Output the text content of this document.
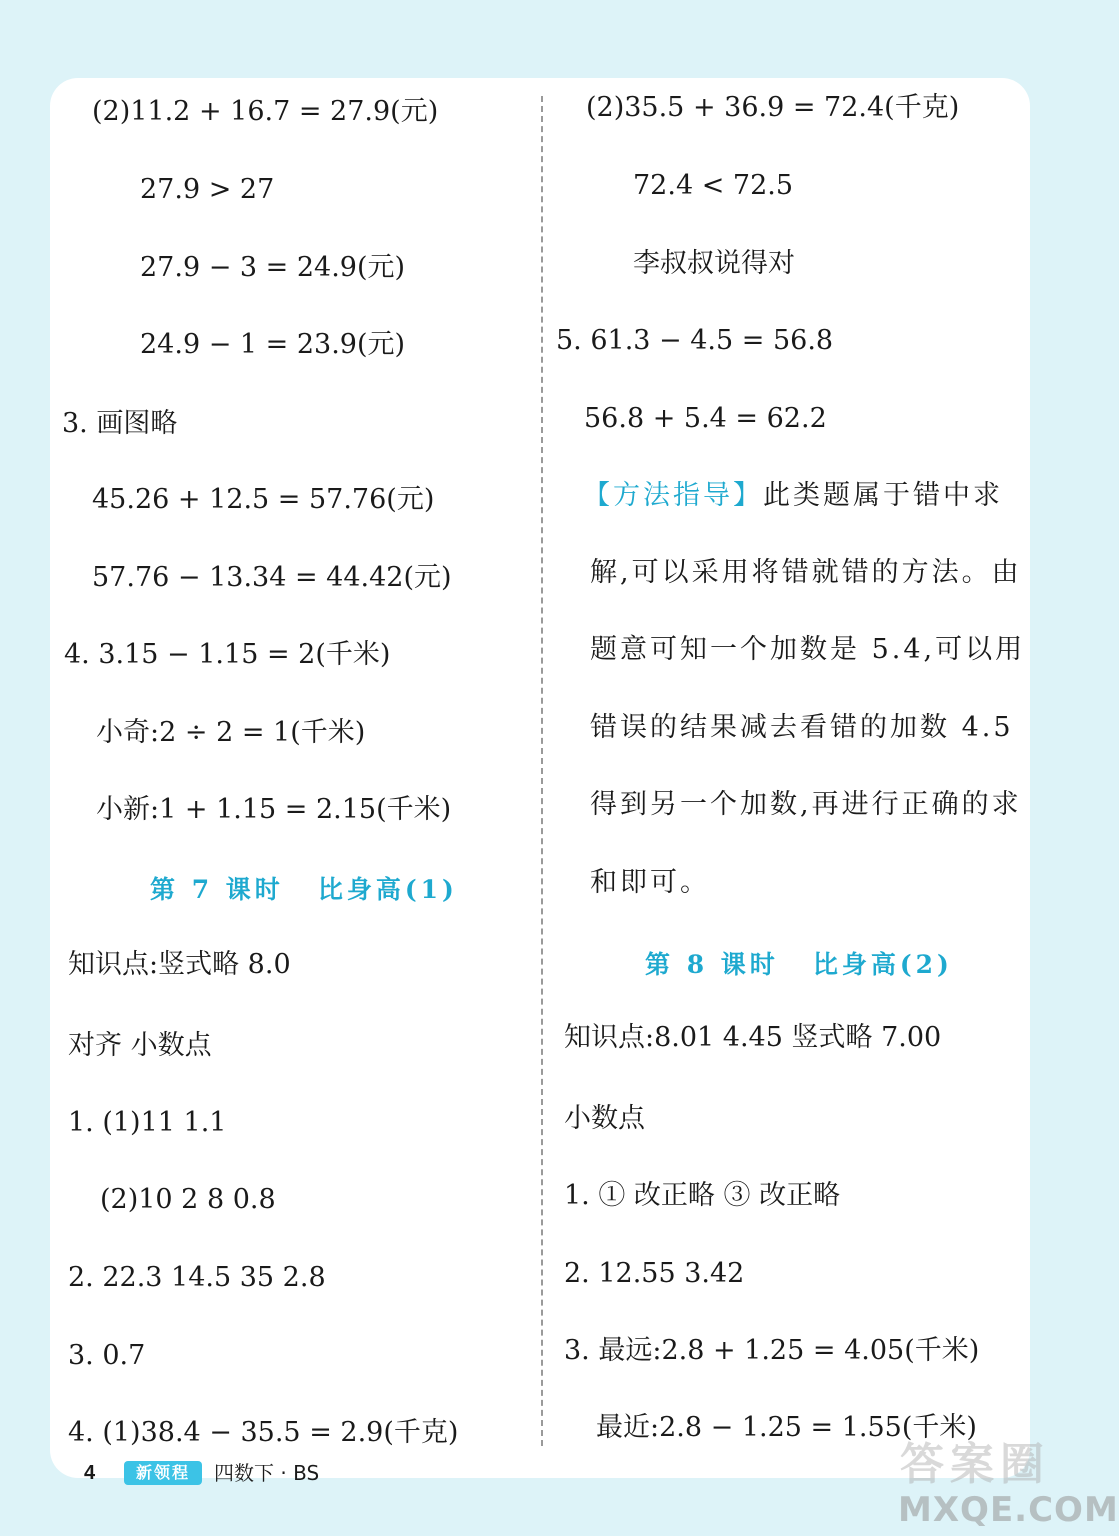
(2)11.2 + 16.7 = 27.9(元)
27.9 > 27
27.9 − 3 = 24.9(元)
24.9 − 1 = 23.9(元)
3. 画图略
45.26 + 12.5 = 57.76(元)
57.76 − 13.34 = 44.42(元)
4. 3.15 − 1.15 = 2(千米)
小奇:2 ÷ 2 = 1(千米)
小新:1 + 1.15 = 2.15(千米)
第 7 课时 比身高(1)
知识点:竖式略 8.0
对齐 小数点
1. (1)11 1.1
(2)10 2 8 0.8
2. 22.3 14.5 35 2.8
3. 0.7
4. (1)38.4 − 35.5 = 2.9(千克)
(2)35.5 + 36.9 = 72.4(千克)
72.4 < 72.5
李叔叔说得对
5. 61.3 − 4.5 = 56.8
56.8 + 5.4 = 62.2
【方法指导】此类题属于错中求
解,可以采用将错就错的方法。由
题意可知一个加数是 5.4,可以用
错误的结果减去看错的加数 4.5
得到另一个加数,再进行正确的求
和即可。
第 8 课时 比身高(2)
知识点:8.01 4.45 竖式略 7.00
小数点
1. ① 改正略 ③ 改正略
2. 12.55 3.42
3. 最远:2.8 + 1.25 = 4.05(千米)
最近:2.8 − 1.25 = 1.55(千米)
4	新领程	四数下 · BS	答案圈
MXQE.COM
